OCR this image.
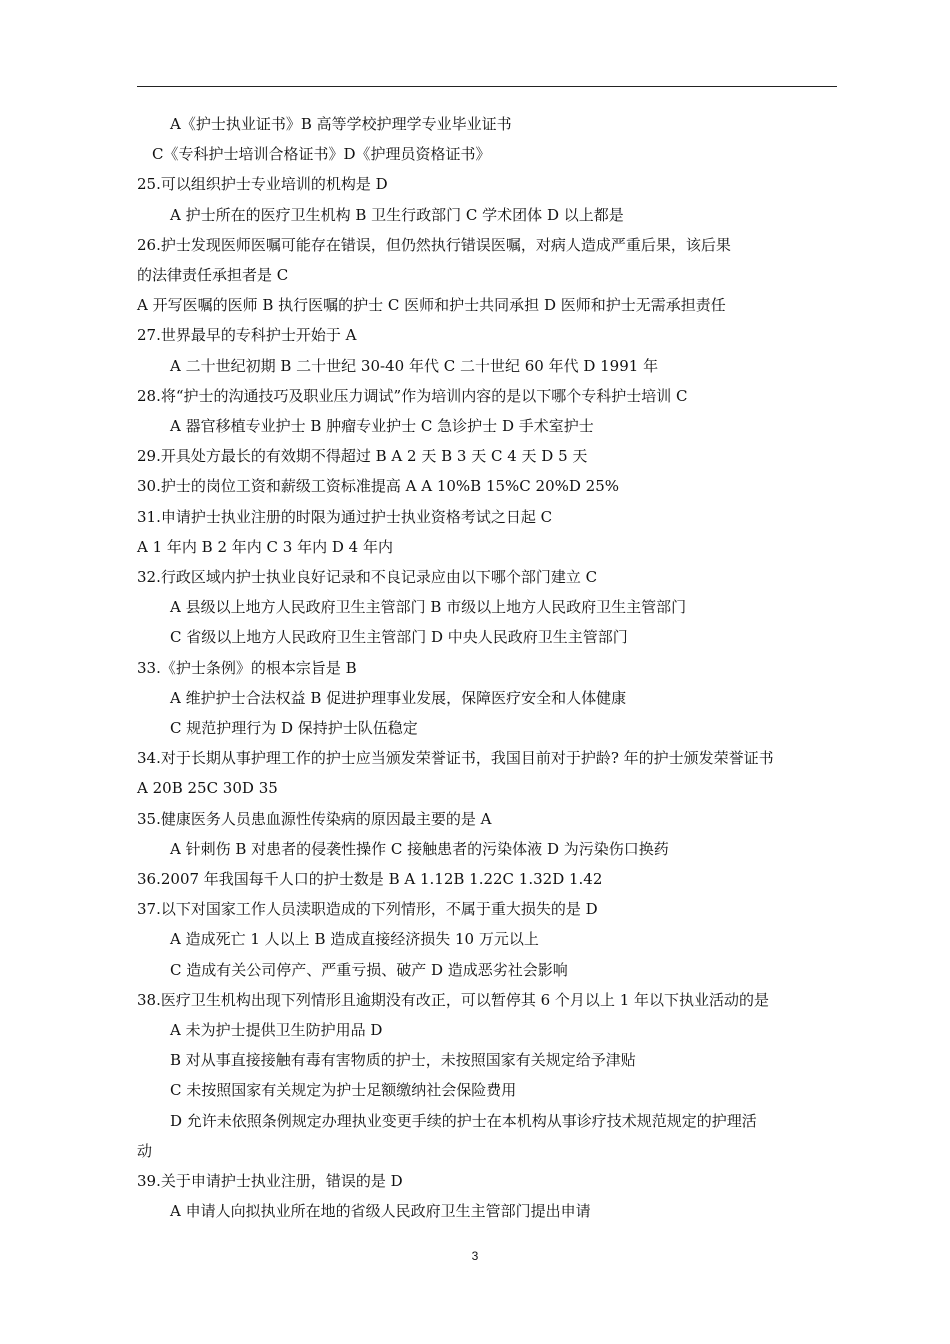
A《护士执业证书》B 高等学校护理学专业毕业证书
C《专科护士培训合格证书》D《护理员资格证书》
25.可以组织护士专业培训的机构是 D
A 护士所在的医疗卫生机构 B 卫生行政部门 C 学术团体 D 以上都是
26.护士发现医师医嘱可能存在错误，但仍然执行错误医嘱，对病人造成严重后果，该后果
的法律责任承担者是 C
A 开写医嘱的医师 B 执行医嘱的护士 C 医师和护士共同承担 D 医师和护士无需承担责任
27.世界最早的专科护士开始于 A
A 二十世纪初期 B 二十世纪 30-40 年代 C 二十世纪 60 年代 D 1991 年
28.将“护士的沟通技巧及职业压力调试”作为培训内容的是以下哪个专科护士培训 C
A 器官移植专业护士 B 肿瘤专业护士 C 急诊护士 D 手术室护士
29.开具处方最长的有效期不得超过 B A 2 天 B 3 天 C 4 天 D 5 天
30.护士的岗位工资和薪级工资标准提高 A A 10%B 15%C 20%D 25%
31.申请护士执业注册的时限为通过护士执业资格考试之日起 C
A 1 年内 B 2 年内 C 3 年内 D 4 年内
32.行政区域内护士执业良好记录和不良记录应由以下哪个部门建立 C
A 县级以上地方人民政府卫生主管部门 B 市级以上地方人民政府卫生主管部门
C 省级以上地方人民政府卫生主管部门 D 中央人民政府卫生主管部门
33.《护士条例》的根本宗旨是 B
A 维护护士合法权益 B 促进护理事业发展，保障医疗安全和人体健康
C 规范护理行为 D 保持护士队伍稳定
34.对于长期从事护理工作的护士应当颁发荣誉证书，我国目前对于护龄? 年的护士颁发荣誉证书
A 20B 25C 30D 35
35.健康医务人员患血源性传染病的原因最主要的是 A
A 针刺伤 B 对患者的侵袭性操作 C 接触患者的污染体液 D 为污染伤口换药
36.2007 年我国每千人口的护士数是 B A 1.12B 1.22C 1.32D 1.42
37.以下对国家工作人员渎职造成的下列情形，不属于重大损失的是 D
A 造成死亡 1 人以上 B 造成直接经济损失 10 万元以上
C 造成有关公司停产、严重亏损、破产 D 造成恶劣社会影响
38.医疗卫生机构出现下列情形且逾期没有改正，可以暂停其 6 个月以上 1 年以下执业活动的是
A 未为护士提供卫生防护用品 D
B 对从事直接接触有毒有害物质的护士，未按照国家有关规定给予津贴
C 未按照国家有关规定为护士足额缴纳社会保险费用
D 允许未依照条例规定办理执业变更手续的护士在本机构从事诊疗技术规范规定的护理活
动
39.关于申请护士执业注册，错误的是 D
A 申请人向拟执业所在地的省级人民政府卫生主管部门提出申请
3
